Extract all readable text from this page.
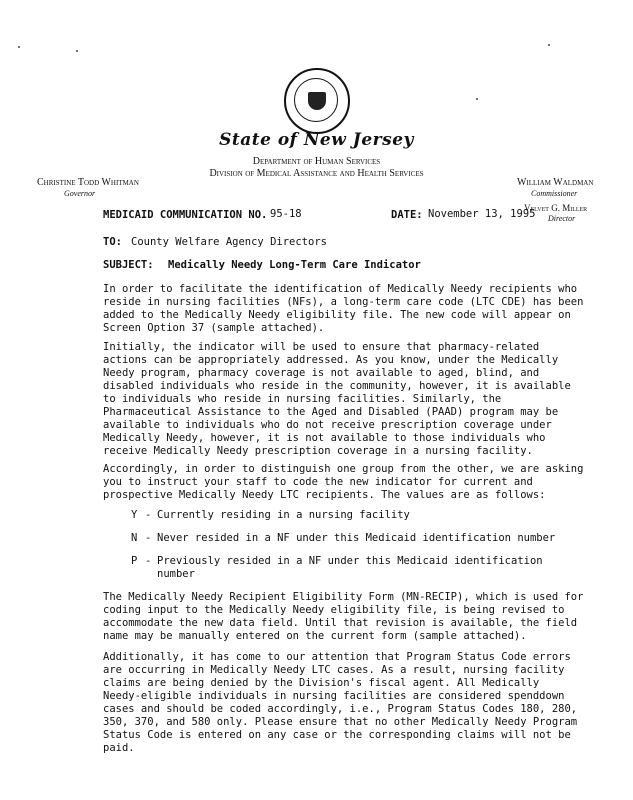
State of New Jersey
Department of Human Services
Division of Medical Assistance and Health Services
Christine Todd Whitman
Governor
William Waldman
Commissioner
Velvet G. Miller
Director
MEDICAID COMMUNICATION NO. 95-18	DATE: November 13, 1995
TO: County Welfare Agency Directors
SUBJECT: Medically Needy Long-Term Care Indicator
In order to facilitate the identification of Medically Needy recipients who
reside in nursing facilities (NFs), a long-term care code (LTC CDE) has been
added to the Medically Needy eligibility file. The new code will appear on
Screen Option 37 (sample attached).
Initially, the indicator will be used to ensure that pharmacy-related
actions can be appropriately addressed. As you know, under the Medically
Needy program, pharmacy coverage is not available to aged, blind, and
disabled individuals who reside in the community, however, it is available
to individuals who reside in nursing facilities. Similarly, the
Pharmaceutical Assistance to the Aged and Disabled (PAAD) program may be
available to individuals who do not receive prescription coverage under
Medically Needy, however, it is not available to those individuals who
receive Medically Needy prescription coverage in a nursing facility.
Accordingly, in order to distinguish one group from the other, we are asking
you to instruct your staff to code the new indicator for current and
prospective Medically Needy LTC recipients. The values are as follows:
Y - Currently residing in a nursing facility
N - Never resided in a NF under this Medicaid identification number
P - Previously resided in a NF under this Medicaid identification
number
The Medically Needy Recipient Eligibility Form (MN-RECIP), which is used for
coding input to the Medically Needy eligibility file, is being revised to
accommodate the new data field. Until that revision is available, the field
name may be manually entered on the current form (sample attached).
Additionally, it has come to our attention that Program Status Code errors
are occurring in Medically Needy LTC cases. As a result, nursing facility
claims are being denied by the Division's fiscal agent. All Medically
Needy-eligible individuals in nursing facilities are considered spenddown
cases and should be coded accordingly, i.e., Program Status Codes 180, 280,
350, 370, and 580 only. Please ensure that no other Medically Needy Program
Status Code is entered on any case or the corresponding claims will not be
paid.
